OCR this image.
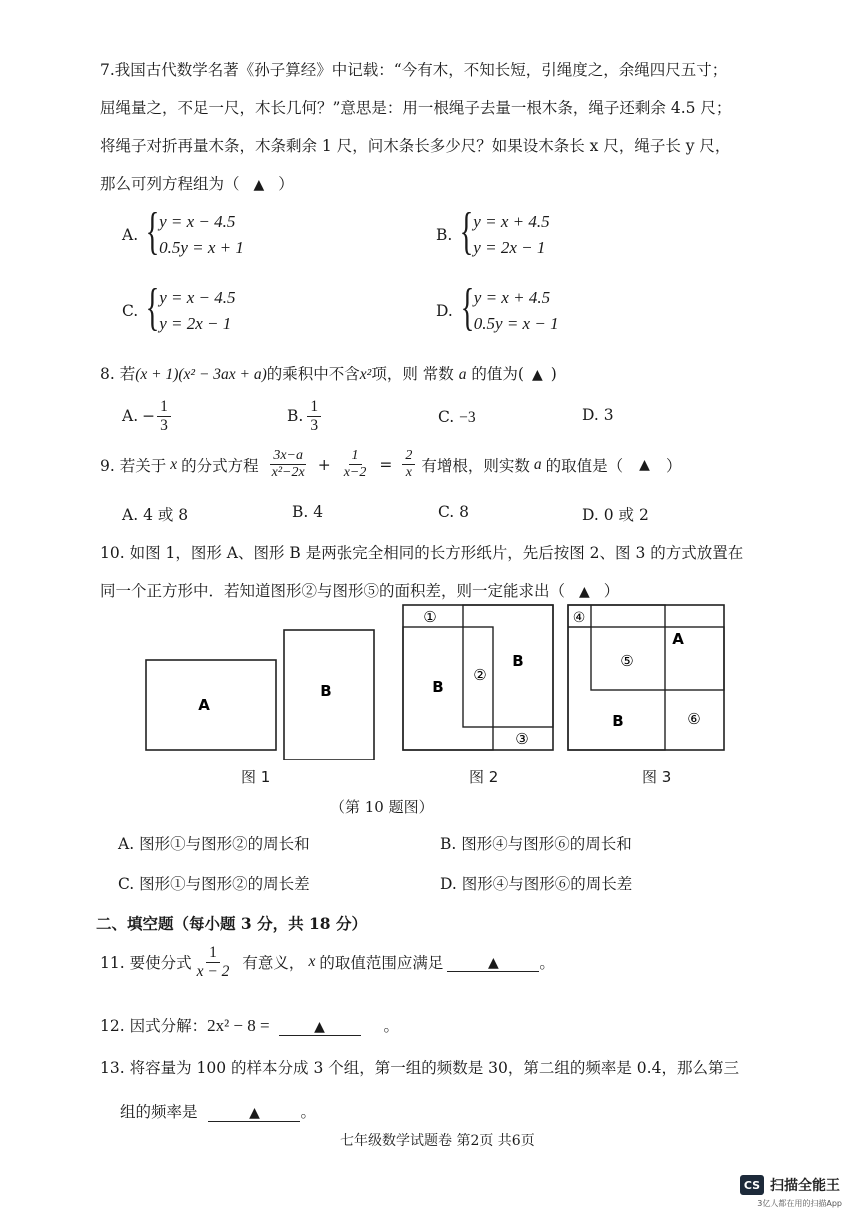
7.我国古代数学名著《孙子算经》中记载：“今有木，不知长短，引绳度之，余绳四尺五寸；
屈绳量之，不足一尺，木长几何？”意思是：用一根绳子去量一根木条，绳子还剩余 4.5 尺；
将绳子对折再量木条，木条剩余 1 尺，问木条长多少尺？如果设木条长 x 尺，绳子长 y 尺，
那么可列方程组为（ ▲ ）
A. { y = x − 4.5
0.5y = x + 1
B. { y = x + 4.5
y = 2x − 1
C. { y = x − 4.5
y = 2x − 1
D. { y = x + 4.5
0.5y = x − 1
8. 若(x + 1)(x² − 3ax + a)的乘积中不含x²项，则 常数 a 的值为( ▲ )
A. − $\frac{1}{3}$	B. $\frac{1}{3}$	C. −3	D. 3
9. 若关于 x 的分式方程 $\frac{3x-a}{\text{x²−2x}} + \frac{1}{x-2} = \frac{2}{x}$ 有增根，则实数 a 的取值是（ ▲ ）
A. 4 或 8	B. 4	C. 8	D. 0 或 2
10. 如图 1，图形 A、图形 B 是两张完全相同的长方形纸片，先后按图 2、图 3 的方式放置在
同一个正方形中．若知道图形②与图形⑤的面积差，则一定能求出（ ▲ ）
A
B
①
②
③
B
B
④
⑤
⑥
A
B
图 1	图 2	图 3
（第 10 题图）
A. 图形①与图形②的周长和	B. 图形④与图形⑥的周长和
C. 图形①与图形②的周长差	D. 图形④与图形⑥的周长差
二、填空题（每小题 3 分，共 18 分）
11. 要使分式 $\frac{1}{x - 2}$ 有意义， x 的取值范围应满足	▲	。
12. 因式分解：2x² − 8 =	▲	。
13. 将容量为 100 的样本分成 3 个组，第一组的频数是 30，第二组的频率是 0.4，那么第三
组的频率是	▲	。
七年级数学试题卷 第2页 共6页
CS 扫描全能王
3亿人都在用的扫描App
